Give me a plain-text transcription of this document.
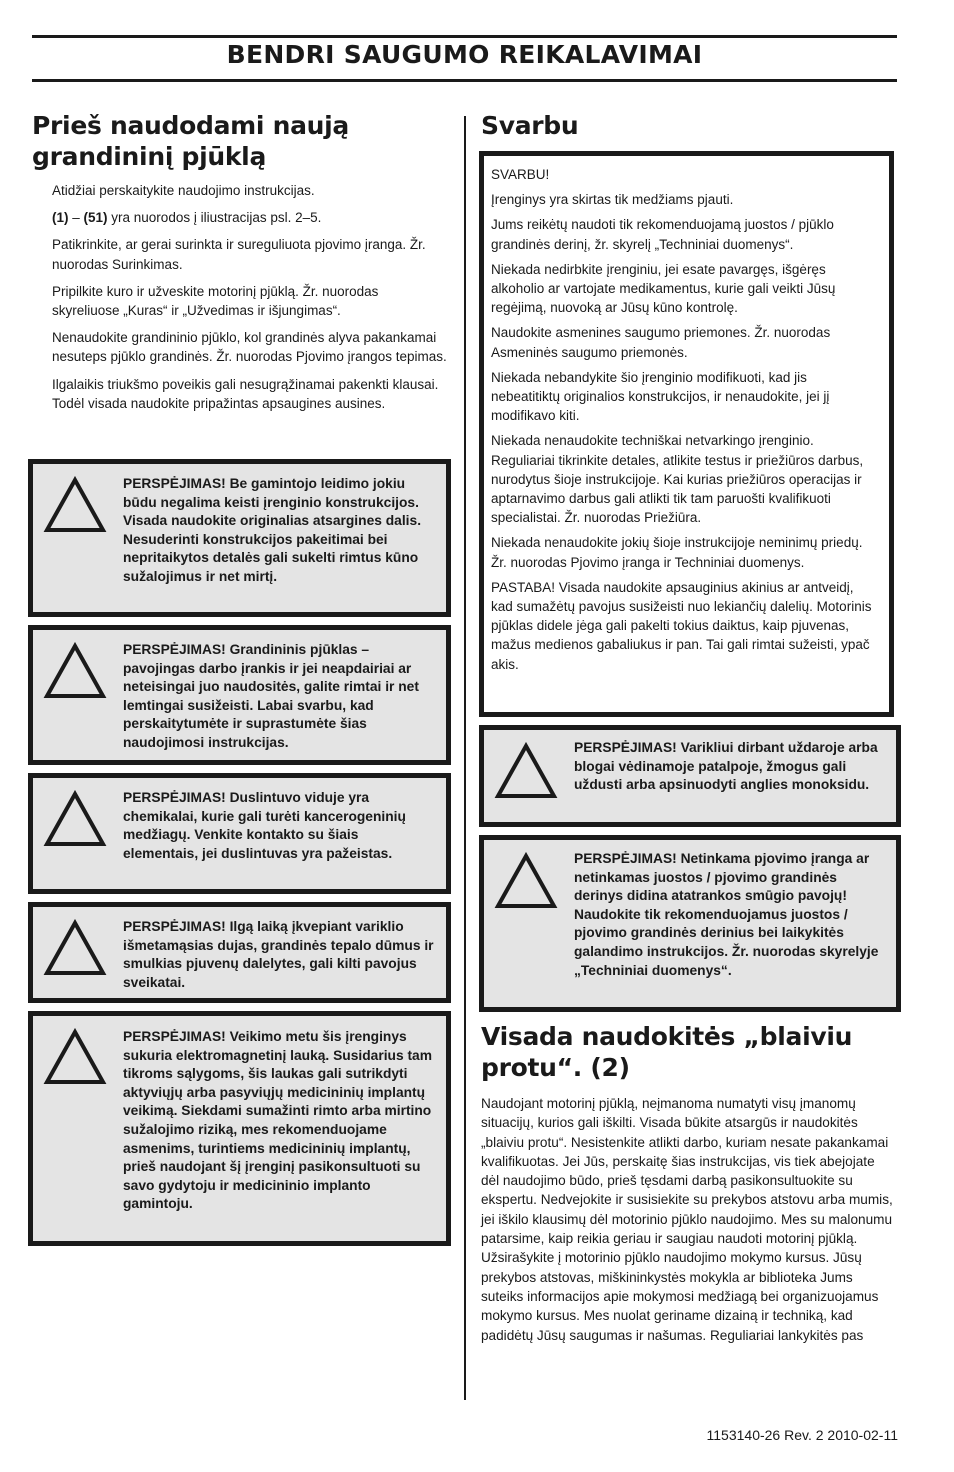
BENDRI SAUGUMO REIKALAVIMAI
Prieš naudodami naują grandininį pjūklą

Atidžiai perskaitykite naudojimo instrukcijas.

(1) – (51) yra nuorodos į iliustracijas psl. 2–5.

Patikrinkite, ar gerai surinkta ir sureguliuota pjovimo įranga. Žr. nuorodas Surinkimas.

Pripilkite kuro ir užveskite motorinį pjūklą. Žr. nuorodas skyreliuose „Kuras“ ir „Užvedimas ir išjungimas“.

Nenaudokite grandininio pjūklo, kol grandinės alyva pakankamai nesuteps pjūklo grandinės. Žr. nuorodas Pjovimo įrangos tepimas.

Ilgalaikis triukšmo poveikis gali nesugrąžinamai pakenkti klausai. Todėl visada naudokite pripažintas apsaugines ausines.

PERSPĖJIMAS! Be gamintojo leidimo jokiu būdu negalima keisti įrenginio konstrukcijos. Visada naudokite originalias atsargines dalis. Nesuderinti konstrukcijos pakeitimai bei nepritaikytos detalės gali sukelti rimtus kūno sužalojimus ir net mirtį.
PERSPĖJIMAS! Grandininis pjūklas – pavojingas darbo įrankis ir jei neapdairiai ar neteisingai juo naudositės, galite rimtai ir net lemtingai susižeisti. Labai svarbu, kad perskaitytumėte ir suprastumėte šias naudojimosi instrukcijas.
PERSPĖJIMAS! Duslintuvo viduje yra chemikalai, kurie gali turėti kancerogeninių medžiagų. Venkite kontakto su šiais elementais, jei duslintuvas yra pažeistas.
PERSPĖJIMAS! Ilgą laiką įkvepiant variklio išmetamąsias dujas, grandinės tepalo dūmus ir smulkias pjuvenų dalelytes, gali kilti pavojus sveikatai.
PERSPĖJIMAS! Veikimo metu šis įrenginys sukuria elektromagnetinį lauką. Susidarius tam tikroms sąlygoms, šis laukas gali sutrikdyti aktyviųjų arba pasyviųjų medicininių implantų veikimą. Siekdami sumažinti rimto arba mirtino sužalojimo riziką, mes rekomenduojame asmenims, turintiems medicininių implantų, prieš naudojant šį įrenginį pasikonsultuoti su savo gydytoju ir medicininio implanto gamintoju.
Svarbu

SVARBU!

Įrenginys yra skirtas tik medžiams pjauti.

Jums reikėtų naudoti tik rekomenduojamą juostos / pjūklo grandinės derinį, žr. skyrelį „Techniniai duomenys“.

Niekada nedirbkite įrenginiu, jei esate pavargęs, išgėręs alkoholio ar vartojate medikamentus, kurie gali veikti Jūsų regėjimą, nuovoką ar Jūsų kūno kontrolę.

Naudokite asmenines saugumo priemones. Žr. nuorodas Asmeninės saugumo priemonės.

Niekada nebandykite šio įrenginio modifikuoti, kad jis nebeatitiktų originalios konstrukcijos, ir nenaudokite, jei jį modifikavo kiti.

Niekada nenaudokite techniškai netvarkingo įrenginio. Reguliariai tikrinkite detales, atlikite testus ir priežiūros darbus, nurodytus šioje instrukcijoje. Kai kurias priežiūros operacijas ir aptarnavimo darbus gali atlikti tik tam paruošti kvalifikuoti specialistai. Žr. nuorodas Priežiūra.

Niekada nenaudokite jokių šioje instrukcijoje neminimų priedų. Žr. nuorodas Pjovimo įranga ir Techniniai duomenys.

PASTABA! Visada naudokite apsauginius akinius ar antveidį, kad sumažėtų pavojus susižeisti nuo lekiančių dalelių. Motorinis pjūklas didele jėga gali pakelti tokius daiktus, kaip pjuvenas, mažus medienos gabaliukus ir pan. Tai gali rimtai sužeisti, ypač akis.

PERSPĖJIMAS! Varikliui dirbant uždaroje arba blogai vėdinamoje patalpoje, žmogus gali uždusti arba apsinuodyti anglies monoksidu.
PERSPĖJIMAS! Netinkama pjovimo įranga ar netinkamas juostos / pjovimo grandinės derinys didina atatrankos smūgio pavojų! Naudokite tik rekomenduojamus juostos / pjovimo grandinės derinius bei laikykitės galandimo instrukcijos. Žr. nuorodas skyrelyje „Techniniai duomenys“.
Visada naudokitės „blaiviu protu“. (2)

Naudojant motorinį pjūklą, neįmanoma numatyti visų įmanomų situacijų, kurios gali iškilti. Visada būkite atsargūs ir naudokitės „blaiviu protu“. Nesistenkite atlikti darbo, kuriam nesate pakankamai kvalifikuotas. Jei Jūs, perskaitę šias instrukcijas, vis tiek abejojate dėl naudojimo būdo, prieš tęsdami darbą pasikonsultuokite su ekspertu. Nedvejokite ir susisiekite su prekybos atstovu arba mumis, jei iškilo klausimų dėl motorinio pjūklo naudojimo. Mes su malonumu patarsime, kaip reikia geriau ir saugiau naudoti motorinį pjūklą. Užsirašykite į motorinio pjūklo naudojimo mokymo kursus. Jūsų prekybos atstovas, miškininkystės mokykla ar biblioteka Jums suteiks informacijos apie mokymosi medžiagą bei organizuojamus mokymo kursus. Mes nuolat geriname dizainą ir techniką, kad padidėtų Jūsų saugumas ir našumas. Reguliariai lankykitės pas

1153140-26 Rev. 2 2010-02-11
